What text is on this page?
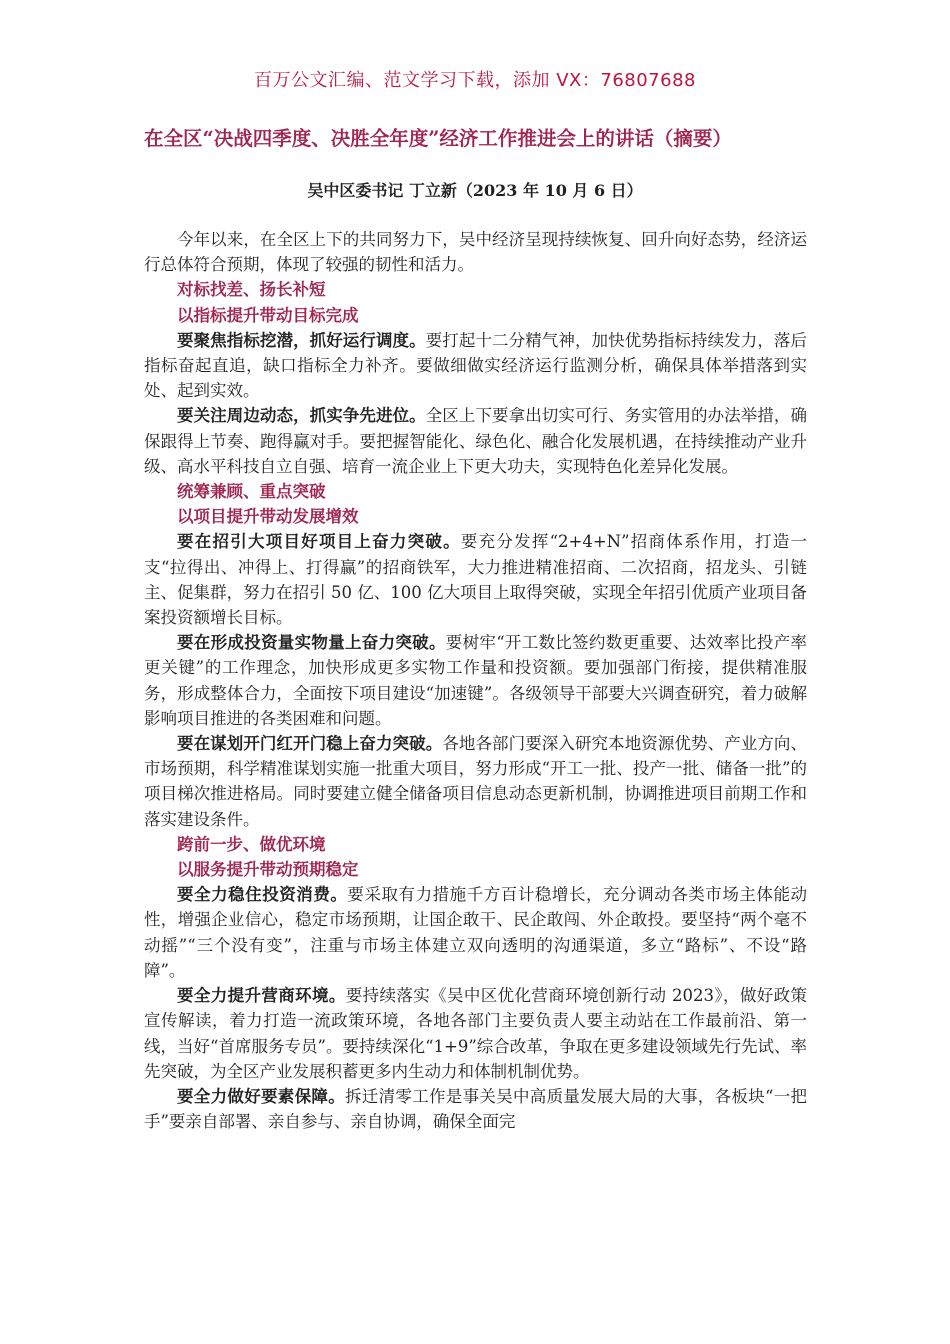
百万公文汇编、范文学习下载，添加 VX：76807688
在全区“决战四季度、决胜全年度”经济工作推进会上的讲话（摘要）
吴中区委书记 丁立新（2023 年 10 月 6 日）

今年以来，在全区上下的共同努力下，吴中经济呈现持续恢复、回升向好态势，经济运行总体符合预期，体现了较强的韧性和活力。

对标找差、扬长补短

以指标提升带动目标完成

要聚焦指标挖潜，抓好运行调度。要打起十二分精气神，加快优势指标持续发力，落后指标奋起直追，缺口指标全力补齐。要做细做实经济运行监测分析，确保具体举措落到实处、起到实效。

要关注周边动态，抓实争先进位。全区上下要拿出切实可行、务实管用的办法举措，确保跟得上节奏、跑得赢对手。要把握智能化、绿色化、融合化发展机遇，在持续推动产业升级、高水平科技自立自强、培育一流企业上下更大功夫，实现特色化差异化发展。

统筹兼顾、重点突破

以项目提升带动发展增效

要在招引大项目好项目上奋力突破。要充分发挥“2+4+N”招商体系作用，打造一支“拉得出、冲得上、打得赢”的招商铁军，大力推进精准招商、二次招商，招龙头、引链主、促集群，努力在招引 50 亿、100 亿大项目上取得突破，实现全年招引优质产业项目备案投资额增长目标。

要在形成投资量实物量上奋力突破。要树牢“开工数比签约数更重要、达效率比投产率更关键”的工作理念，加快形成更多实物工作量和投资额。要加强部门衔接，提供精准服务，形成整体合力，全面按下项目建设“加速键”。各级领导干部要大兴调查研究，着力破解影响项目推进的各类困难和问题。

要在谋划开门红开门稳上奋力突破。各地各部门要深入研究本地资源优势、产业方向、市场预期，科学精准谋划实施一批重大项目，努力形成“开工一批、投产一批、储备一批”的项目梯次推进格局。同时要建立健全储备项目信息动态更新机制，协调推进项目前期工作和落实建设条件。

跨前一步、做优环境

以服务提升带动预期稳定

要全力稳住投资消费。要采取有力措施千方百计稳增长，充分调动各类市场主体能动性，增强企业信心，稳定市场预期，让国企敢干、民企敢闯、外企敢投。要坚持“两个毫不动摇”“三个没有变”，注重与市场主体建立双向透明的沟通渠道，多立“路标”、不设“路障”。

要全力提升营商环境。要持续落实《吴中区优化营商环境创新行动 2023》，做好政策宣传解读，着力打造一流政策环境，各地各部门主要负责人要主动站在工作最前沿、第一线，当好“首席服务专员”。要持续深化“1+9”综合改革，争取在更多建设领域先行先试、率先突破，为全区产业发展积蓄更多内生动力和体制机制优势。

要全力做好要素保障。拆迁清零工作是事关吴中高质量发展大局的大事，各板块“一把手”要亲自部署、亲自参与、亲自协调，确保全面完
